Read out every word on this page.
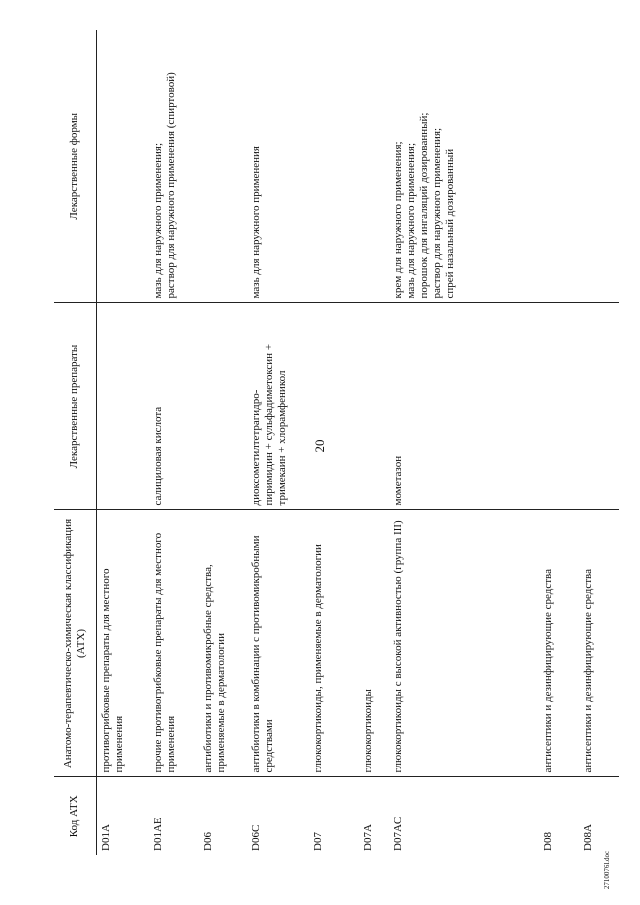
20
2710076l.doc
Код АТХ	Анатомо-терапевтическо-химическая классификация (АТХ)	Лекарственные препараты	Лекарственные формы
D01A	противогрибковые препараты для местного применения		
D01AE	прочие противогрибковые препараты для местного применения	салициловая кислота	мазь для наружного применения; раствор для наружного применения (спиртовой)

D06	антибиотики и противомикробные средства, применяемые в дерматологии		
D06C	антибиотики в комбинации с противомикробными средствами	диоксометилтетрагидро- пиримидин + сульфадиметоксин + тримекаин + хлорамфеникол	мазь для наружного применения

D07	глюкокортикоиды, применяемые в дерматологии		
D07A	глюкокортикоиды		
D07AC	глюкокортикоиды с высокой активностью (группа III)	мометазон	крем для наружного применения; мазь для наружного применения; порошок для ингаляций дозированный; раствор для наружного применения; спрей назальный дозированный

D08	антисептики и дезинфицирующие средства		
D08A	антисептики и дезинфицирующие средства		
